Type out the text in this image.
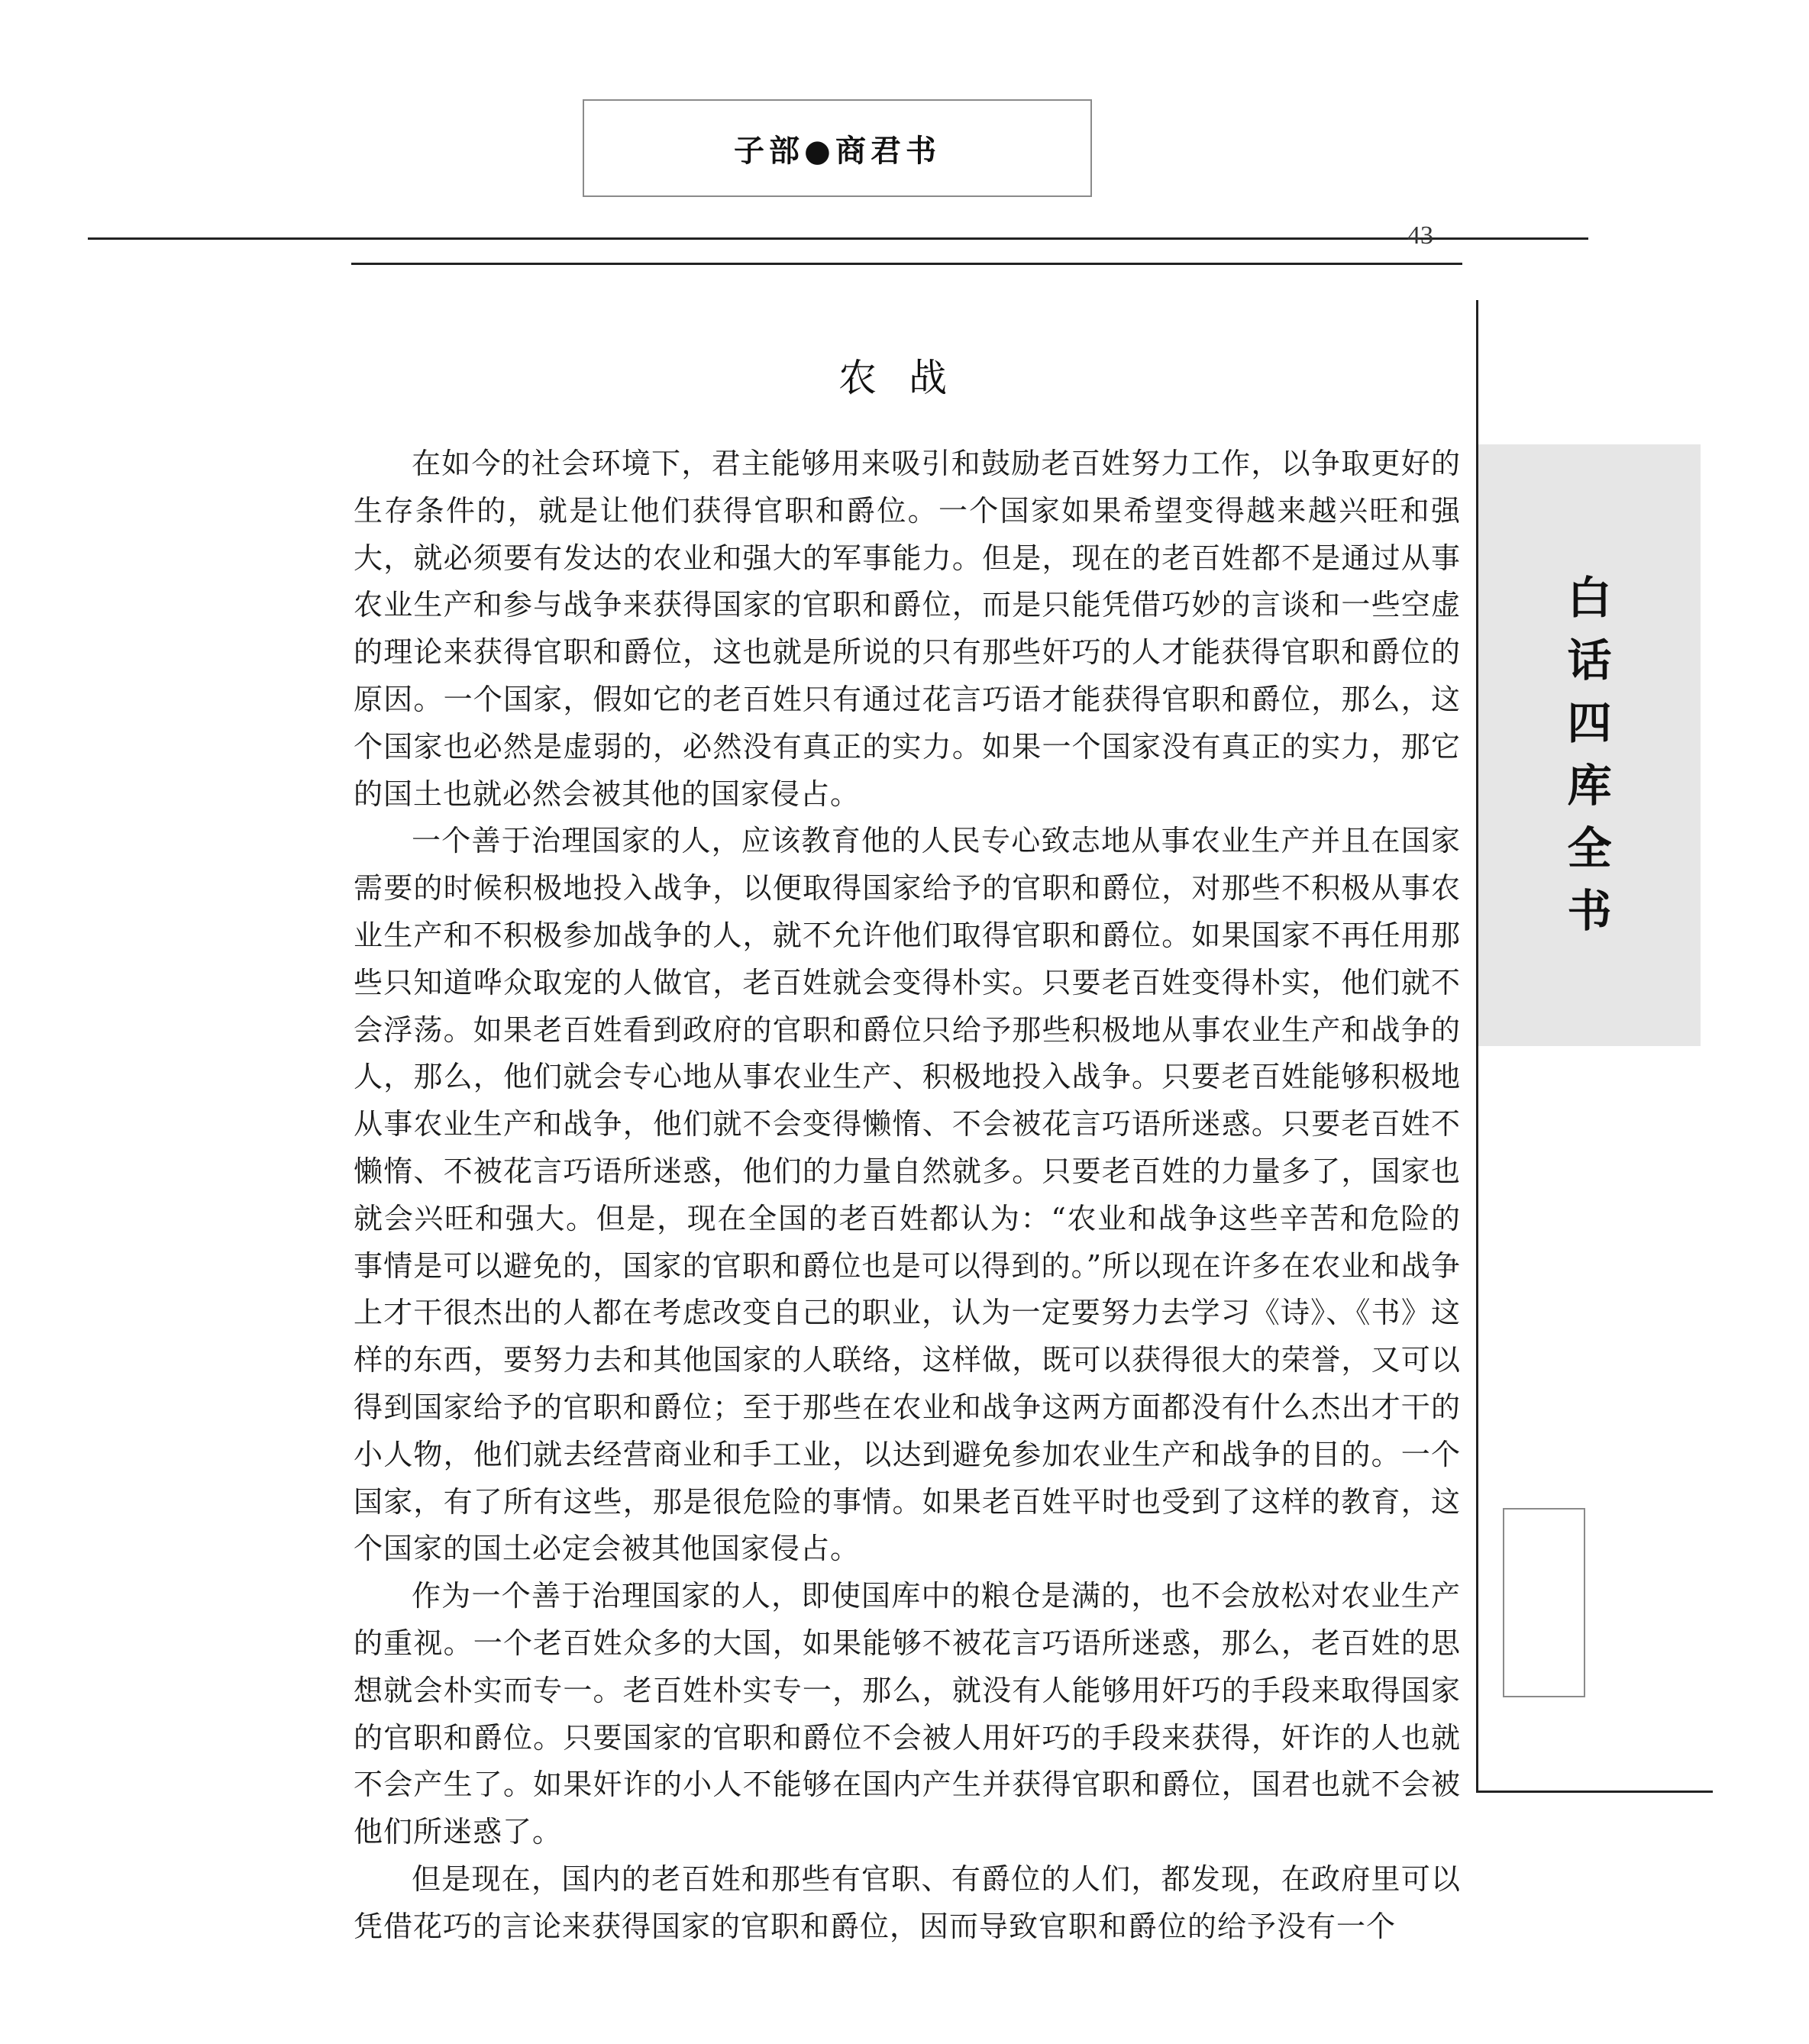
子部●商君书
43
白话四库全书
农战

在如今的社会环境下，君主能够用来吸引和鼓励老百姓努力工作，以争取更好的生存条件的，就是让他们获得官职和爵位。一个国家如果希望变得越来越兴旺和强大，就必须要有发达的农业和强大的军事能力。但是，现在的老百姓都不是通过从事农业生产和参与战争来获得国家的官职和爵位，而是只能凭借巧妙的言谈和一些空虚的理论来获得官职和爵位，这也就是所说的只有那些奸巧的人才能获得官职和爵位的原因。一个国家，假如它的老百姓只有通过花言巧语才能获得官职和爵位，那么，这个国家也必然是虚弱的，必然没有真正的实力。如果一个国家没有真正的实力，那它的国土也就必然会被其他的国家侵占。

一个善于治理国家的人，应该教育他的人民专心致志地从事农业生产并且在国家需要的时候积极地投入战争，以便取得国家给予的官职和爵位，对那些不积极从事农业生产和不积极参加战争的人，就不允许他们取得官职和爵位。如果国家不再任用那些只知道哗众取宠的人做官，老百姓就会变得朴实。只要老百姓变得朴实，他们就不会浮荡。如果老百姓看到政府的官职和爵位只给予那些积极地从事农业生产和战争的人，那么，他们就会专心地从事农业生产、积极地投入战争。只要老百姓能够积极地从事农业生产和战争，他们就不会变得懒惰、不会被花言巧语所迷惑。只要老百姓不懒惰、不被花言巧语所迷惑，他们的力量自然就多。只要老百姓的力量多了，国家也就会兴旺和强大。但是，现在全国的老百姓都认为：“农业和战争这些辛苦和危险的事情是可以避免的，国家的官职和爵位也是可以得到的。”所以现在许多在农业和战争上才干很杰出的人都在考虑改变自己的职业，认为一定要努力去学习《诗》、《书》这样的东西，要努力去和其他国家的人联络，这样做，既可以获得很大的荣誉，又可以得到国家给予的官职和爵位；至于那些在农业和战争这两方面都没有什么杰出才干的小人物，他们就去经营商业和手工业，以达到避免参加农业生产和战争的目的。一个国家，有了所有这些，那是很危险的事情。如果老百姓平时也受到了这样的教育，这个国家的国土必定会被其他国家侵占。

作为一个善于治理国家的人，即使国库中的粮仓是满的，也不会放松对农业生产的重视。一个老百姓众多的大国，如果能够不被花言巧语所迷惑，那么，老百姓的思想就会朴实而专一。老百姓朴实专一，那么，就没有人能够用奸巧的手段来取得国家的官职和爵位。只要国家的官职和爵位不会被人用奸巧的手段来获得，奸诈的人也就不会产生了。如果奸诈的小人不能够在国内产生并获得官职和爵位，国君也就不会被他们所迷惑了。

但是现在，国内的老百姓和那些有官职、有爵位的人们，都发现，在政府里可以凭借花巧的言论来获得国家的官职和爵位，因而导致官职和爵位的给予没有一个
